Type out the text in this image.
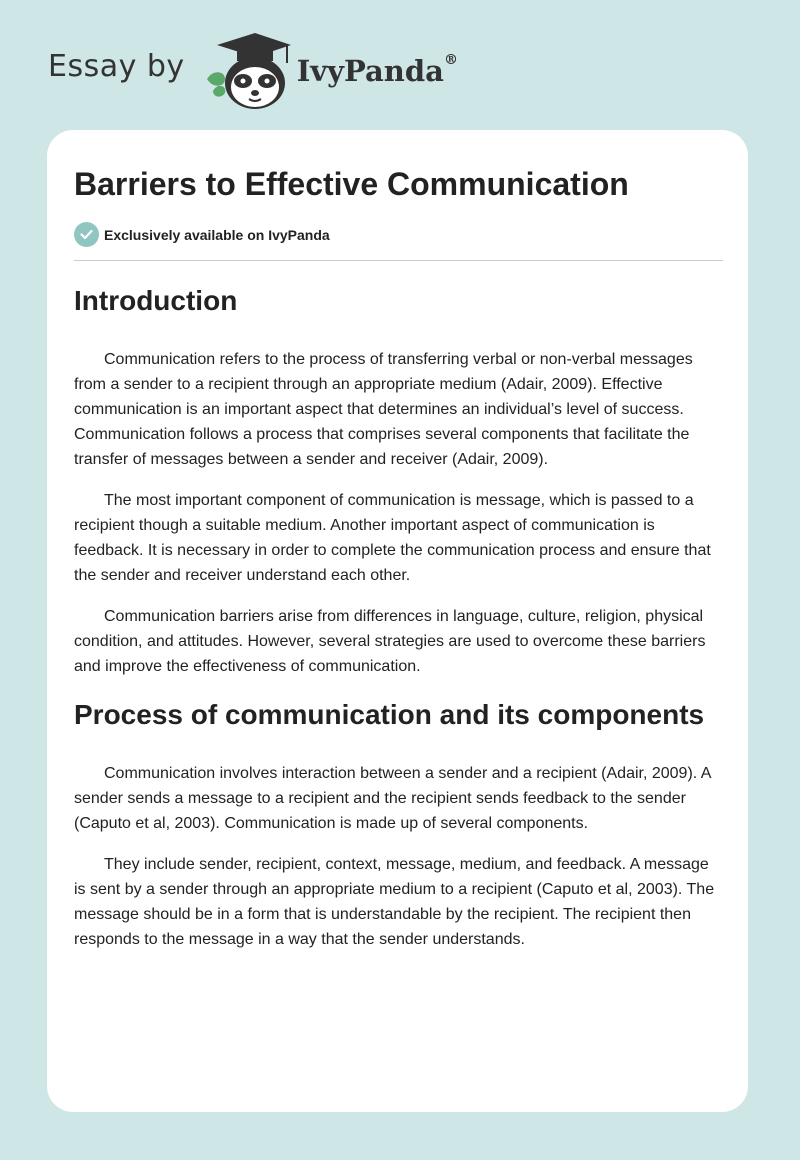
Essay by	IvyPanda®
Barriers to Effective Communication
Exclusively available on IvyPanda
Introduction

Communication refers to the process of transferring verbal or non-verbal messages from a sender to a recipient through an appropriate medium (Adair, 2009). Effective communication is an important aspect that determines an individual’s level of success. Communication follows a process that comprises several components that facilitate the transfer of messages between a sender and receiver (Adair, 2009).

The most important component of communication is message, which is passed to a recipient though a suitable medium. Another important aspect of communication is feedback. It is necessary in order to complete the communication process and ensure that the sender and receiver understand each other.

Communication barriers arise from differences in language, culture, religion, physical condition, and attitudes. However, several strategies are used to overcome these barriers and improve the effectiveness of communication.

Process of communication and its components

Communication involves interaction between a sender and a recipient (Adair, 2009). A sender sends a message to a recipient and the recipient sends feedback to the sender (Caputo et al, 2003). Communication is made up of several components.

They include sender, recipient, context, message, medium, and feedback. A message is sent by a sender through an appropriate medium to a recipient (Caputo et al, 2003). The message should be in a form that is understandable by the recipient. The recipient then responds to the message in a way that the sender understands.
